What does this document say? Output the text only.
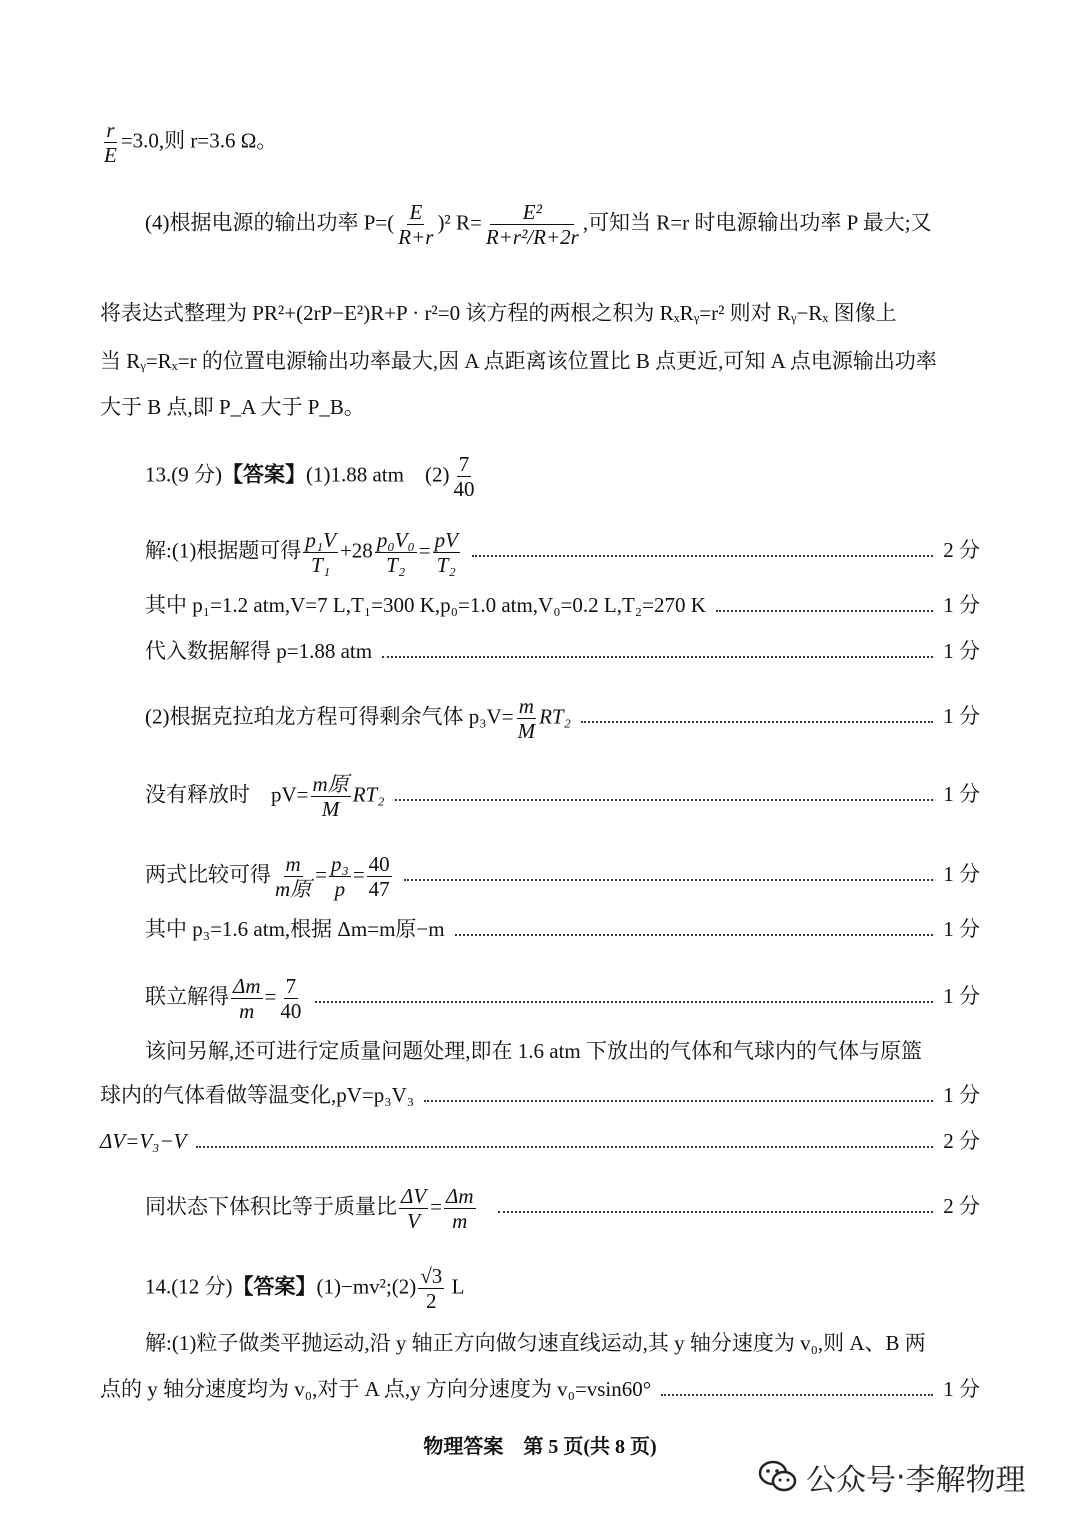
$\frac{r}{E} =3.0$,则 r=3.6 Ω。
(4)根据电源的输出功率 $P=( \frac{E}{R+r} )^2$ $R= \frac{\text{E²}}{\text{R+r²/R+2r}}$ ,可知当 R=r 时电源输出功率 P 最大;又
将表达式整理为 PR²+(2rP−E²)R+P · r²=0 该方程的两根之积为 RₓRᵧ=r² 则对 Rᵧ−Rₓ 图像上
当 Rᵧ=Rₓ=r 的位置电源输出功率最大,因 A 点距离该位置比 B 点更近,可知 A 点电源输出功率
大于 B 点,即 P_A 大于 P_B。
13.(9 分)【答案】(1)1.88 atm　$(2) \frac{7}{40}$
解:(1)根据题可得 $\frac{\text{p₁V}}{\text{T₁}} +28 \frac{\text{p₀V₀}}{\text{T₂}} = \frac{pV}{\text{T₂}}$	2 分
其中 p₁=1.2 atm,V=7 L,T₁=300 K,p₀=1.0 atm,V₀=0.2 L,T₂=270 K	1 分
代入数据解得 p=1.88 atm	1 分
(2)根据克拉珀龙方程可得剩余气体 $p_3V= \frac{m}{M} RT_2$	1 分
没有释放时　$pV= \frac{\text{m原}}{M} RT_2$	1 分
两式比较可得 $\frac{m}{\text{m原}} = \frac{\text{p₃}}{p} = \frac{40}{47}$	1 分
其中 p₃=1.6 atm,根据 Δm=m原−m	1 分
联立解得 $\frac{\Delta m}{m} = \frac{7}{40}$	1 分
该问另解,还可进行定质量问题处理,即在 1.6 atm 下放出的气体和气球内的气体与原篮
球内的气体看做等温变化,pV=p₃V₃	1 分
ΔV=V₃−V	2 分
同状态下体积比等于质量比 $\frac{\Delta V}{V} = \frac{\Delta m}{m}$	2 分
14.(12 分)【答案】(1)−mv²;(2) $\frac{√3}{2}$ L
解:(1)粒子做类平抛运动,沿 y 轴正方向做匀速直线运动,其 y 轴分速度为 v₀,则 A、B 两
点的 y 轴分速度均为 v₀,对于 A 点,y 方向分速度为 v₀=vsin60°	1 分
物理答案　第 5 页(共 8 页)
公众号 · 李解物理
